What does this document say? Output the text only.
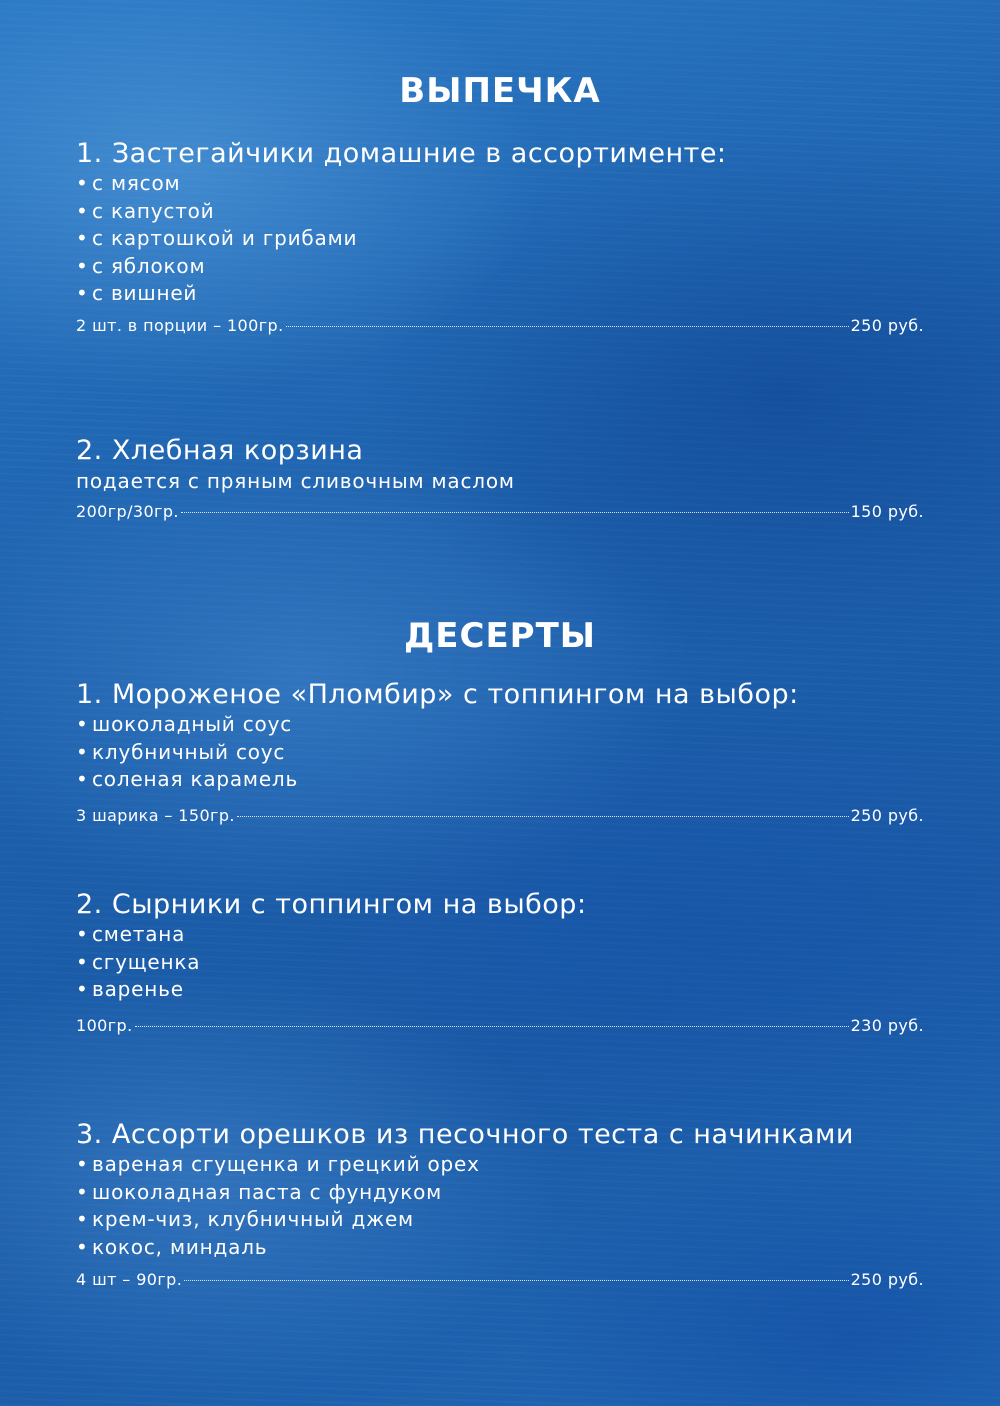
ВЫПЕЧКА

1. Застегайчики домашние в ассортименте:

• с мясом
• с капустой
• с картошкой и грибами
• с яблоком
• с вишней
2 шт. в порции – 100гр.	250 руб.

2. Хлебная корзина

подается с пряным сливочным маслом

200гр/30гр.	150 руб.
ДЕСЕРТЫ

1. Мороженое «Пломбир» с топпингом на выбор:

• шоколадный соус
• клубничный соус
• соленая карамель
3 шарика – 150гр.	250 руб.

2. Сырники с топпингом на выбор:

• сметана
• сгущенка
• варенье
100гр.	230 руб.

3. Ассорти орешков из песочного теста с начинками

• вареная сгущенка и грецкий орех
• шоколадная паста с фундуком
• крем-чиз, клубничный джем
• кокос, миндаль
4 шт – 90гр.	250 руб.
